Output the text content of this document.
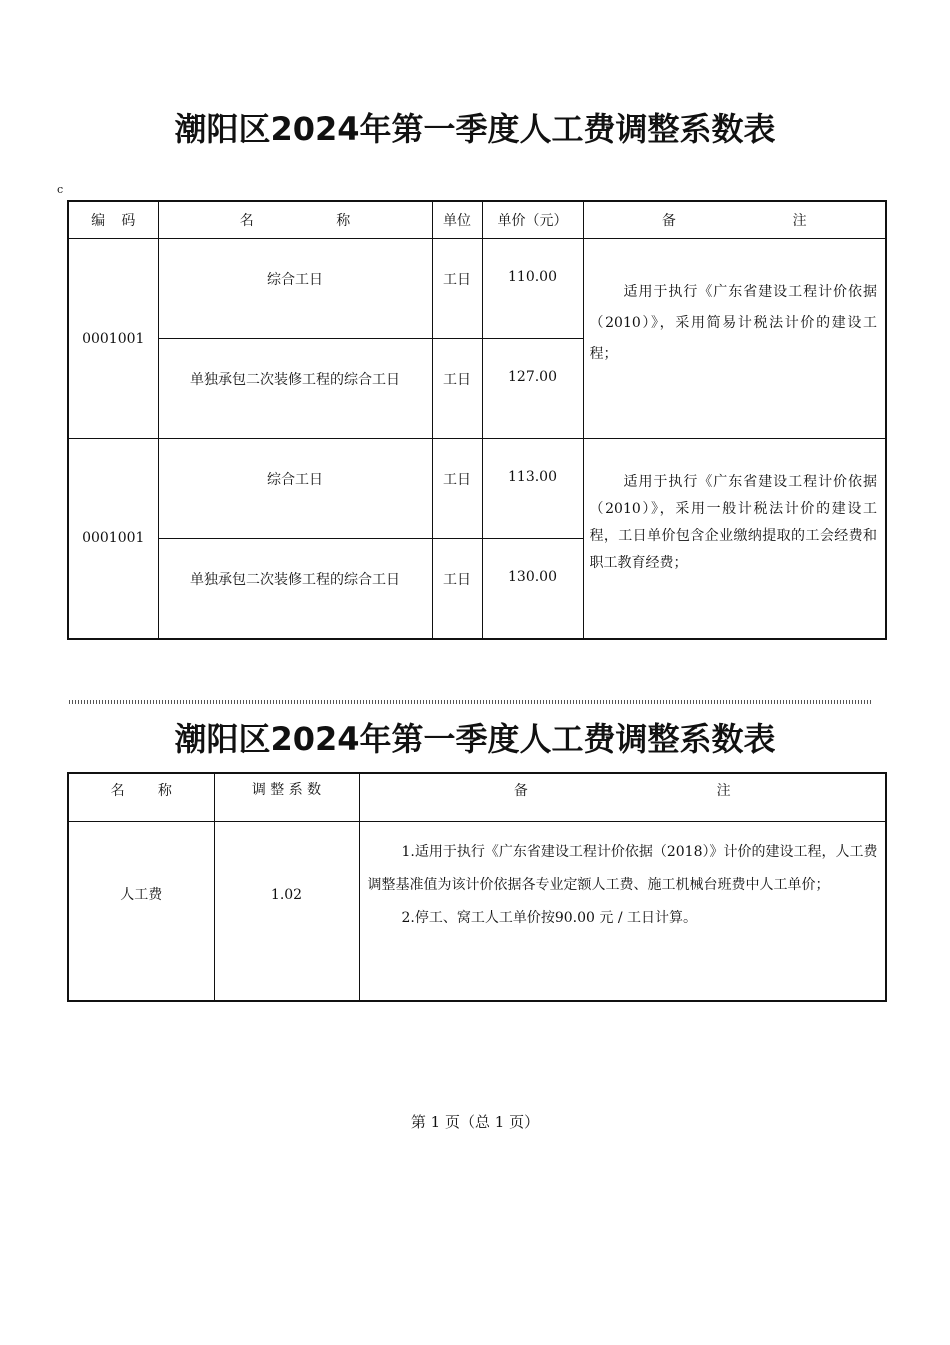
潮阳区2024年第一季度人工费调整系数表
c
编 码	名 称	单位	单价（元）	备 注

0001001	综合工日	工日	110.00	适用于执行《广东省建设工程计价依据（2010）》，采用简易计税法计价的建设工程；

	单独承包二次装修工程的综合工日	工日	127.00	
0001001	综合工日	工日	113.00	适用于执行《广东省建设工程计价依据（2010）》，采用一般计税法计价的建设工程，工日单价包含企业缴纳提取的工会经费和职工教育经费；

	单独承包二次装修工程的综合工日	工日	130.00	
潮阳区2024年第一季度人工费调整系数表
名 称	调 整 系 数	备 注

人工费	1.02	1.适用于执行《广东省建设工程计价依据（2018）》计价的建设工程，人工费调整基准值为该计价依据各专业定额人工费、施工机械台班费中人工单价；
2.停工、窝工人工单价按90.00 元 / 工日计算。
第 1 页（总 1 页）
